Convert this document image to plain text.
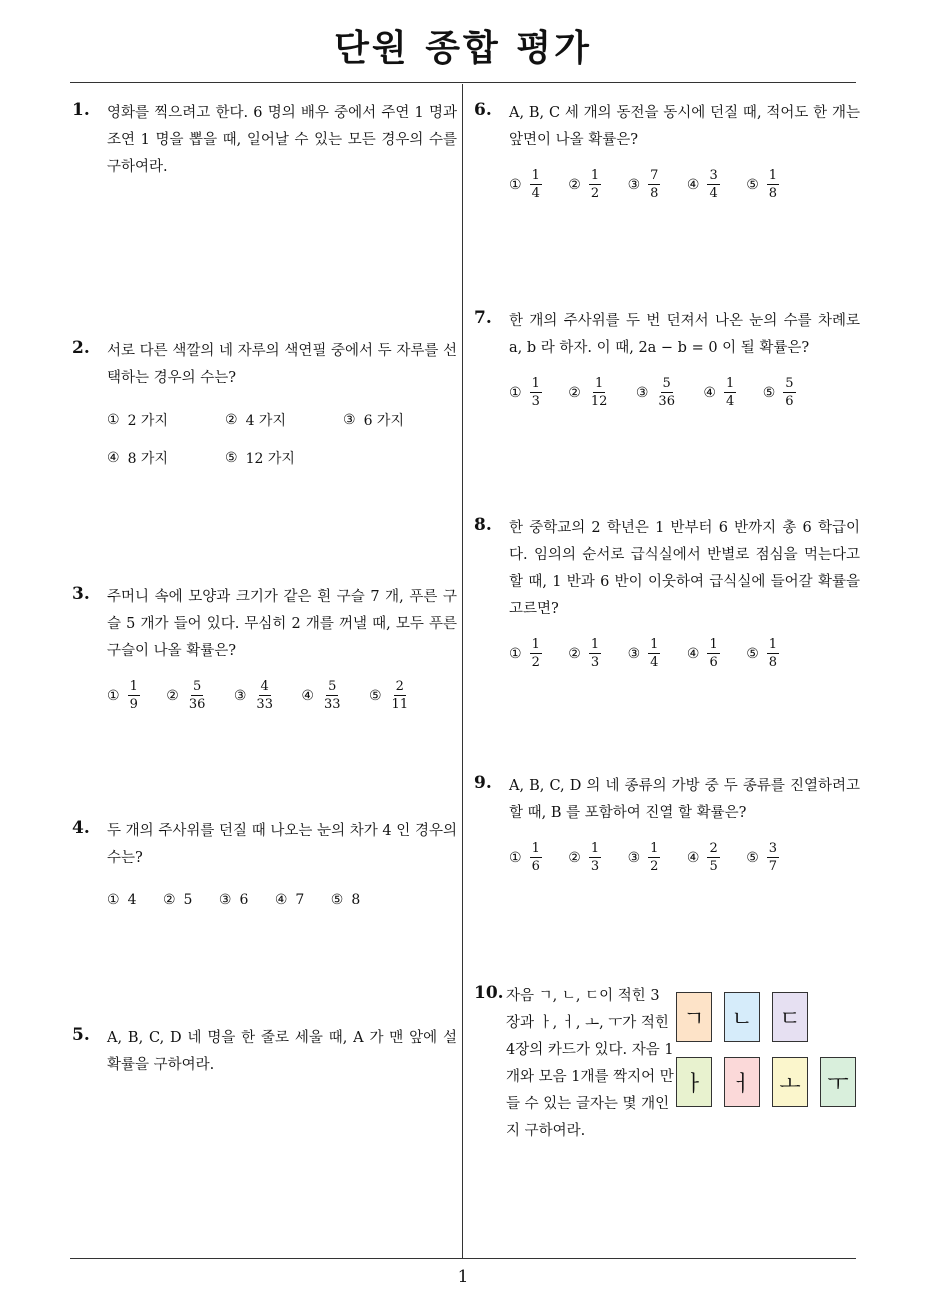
단원 종합 평가
1
1. 영화를 찍으려고 한다. 6 명의 배우 중에서 주연 1 명과 조연 1 명을 뽑을 때, 일어날 수 있는 모든 경우의 수를 구하여라.
2. 서로 다른 색깔의 네 자루의 색연필 중에서 두 자루를 선택하는 경우의 수는?
① 2 가지	② 4 가지	③ 6 가지
④ 8 가지	⑤ 12 가지
3. 주머니 속에 모양과 크기가 같은 흰 구슬 7 개, 푸른 구슬 5 개가 들어 있다. 무심히 2 개를 꺼낼 때, 모두 푸른 구슬이 나올 확률은?
① $\frac{1}{9}$
② $\frac{5}{36}$
③ $\frac{4}{33}$
④ $\frac{5}{33}$
⑤ $\frac{2}{11}$
4. 두 개의 주사위를 던질 때 나오는 눈의 차가 4 인 경우의 수는?
① 4
② 5
③ 6
④ 7
⑤ 8
5. A, B, C, D 네 명을 한 줄로 세울 때, A 가 맨 앞에 설 확률을 구하여라.
6. A, B, C 세 개의 동전을 동시에 던질 때, 적어도 한 개는 앞면이 나올 확률은?
① $\frac{1}{4}$
② $\frac{1}{2}$
③ $\frac{7}{8}$
④ $\frac{3}{4}$
⑤ $\frac{1}{8}$
7. 한 개의 주사위를 두 번 던져서 나온 눈의 수를 차례로 a, b 라 하자. 이 때, 2a − b = 0 이 될 확률은?
① $\frac{1}{3}$
② $\frac{1}{12}$
③ $\frac{5}{36}$
④ $\frac{1}{4}$
⑤ $\frac{5}{6}$
8. 한 중학교의 2 학년은 1 반부터 6 반까지 총 6 학급이다. 임의의 순서로 급식실에서 반별로 점심을 먹는다고 할 때, 1 반과 6 반이 이웃하여 급식실에 들어갈 확률을 고르면?
① $\frac{1}{2}$
② $\frac{1}{3}$
③ $\frac{1}{4}$
④ $\frac{1}{6}$
⑤ $\frac{1}{8}$
9. A, B, C, D 의 네 종류의 가방 중 두 종류를 진열하려고 할 때, B 를 포함하여 진열 할 확률은?
① $\frac{1}{6}$
② $\frac{1}{3}$
③ $\frac{1}{2}$
④ $\frac{2}{5}$
⑤ $\frac{3}{7}$
10. 자음 ㄱ, ㄴ, ㄷ이 적힌 3 장과 ㅏ, ㅓ, ㅗ, ㅜ가 적힌 4장의 카드가 있다. 자음 1 개와 모음 1개를 짝지어 만들 수 있는 글자는 몇 개인지 구하여라.
ㄱ	ㄴ	ㄷ
ㅏ	ㅓ	ㅗ	ㅜ
